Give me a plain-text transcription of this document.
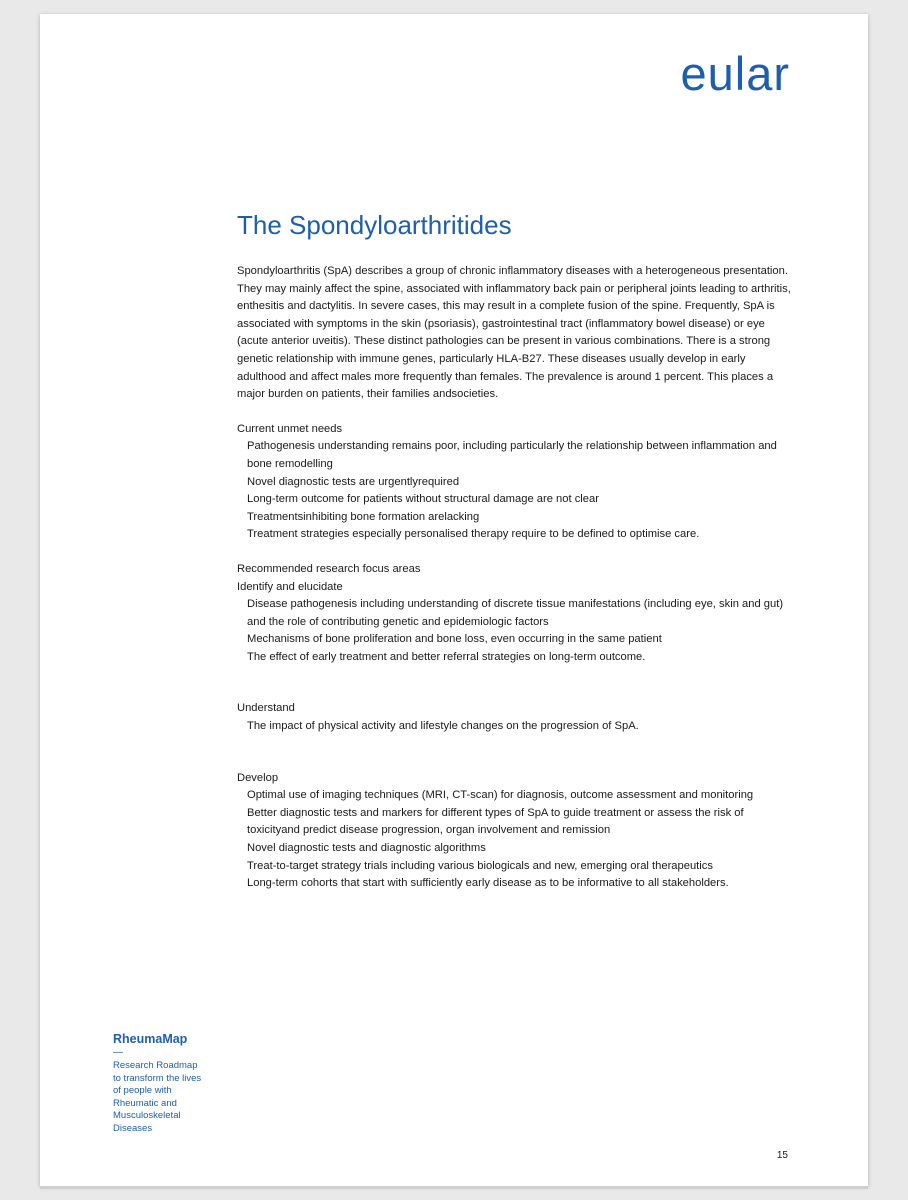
eular
The Spondyloarthritides

Spondyloarthritis (SpA) describes a group of chronic inflammatory diseases with a heterogeneous presentation. They may mainly affect the spine, associated with inflammatory back pain or peripheral joints leading to arthritis, enthesitis and dactylitis. In severe cases, this may result in a complete fusion of the spine. Frequently, SpA is associated with symptoms in the skin (psoriasis), gastrointestinal tract (inflammatory bowel disease) or eye (acute anterior uveitis). These distinct pathologies can be present in various combinations. There is a strong genetic relationship with immune genes, particularly HLA-B27. These diseases usually develop in early adulthood and affect males more frequently than females. The prevalence is around 1 percent. This places a major burden on patients, their families andsocieties.

Current unmet needs

Pathogenesis understanding remains poor, including particularly the relationship between inflammation and bone remodelling
Novel diagnostic tests are urgentlyrequired
Long-term outcome for patients without structural damage are not clear
Treatmentsinhibiting bone formation arelacking
Treatment strategies especially personalised therapy require to be defined to optimise care.

Recommended research focus areas

Identify and elucidate

Disease pathogenesis including understanding of discrete tissue manifestations (including eye, skin and gut) and the role of contributing genetic and epidemiologic factors
Mechanisms of bone proliferation and bone loss, even occurring in the same patient
The effect of early treatment and better referral strategies on long-term outcome.

Understand

The impact of physical activity and lifestyle changes on the progression of SpA.

Develop

Optimal use of imaging techniques (MRI, CT-scan) for diagnosis, outcome assessment and monitoring
Better diagnostic tests and markers for different types of SpA to guide treatment or assess the risk of toxicityand predict disease progression, organ involvement and remission
Novel diagnostic tests and diagnostic algorithms
Treat-to-target strategy trials including various biologicals and new, emerging oral therapeutics
Long-term cohorts that start with sufficiently early disease as to be informative to all stakeholders.

RheumaMap

—

Research Roadmap to transform the lives of people with Rheumatic and Musculoskeletal Diseases

15
